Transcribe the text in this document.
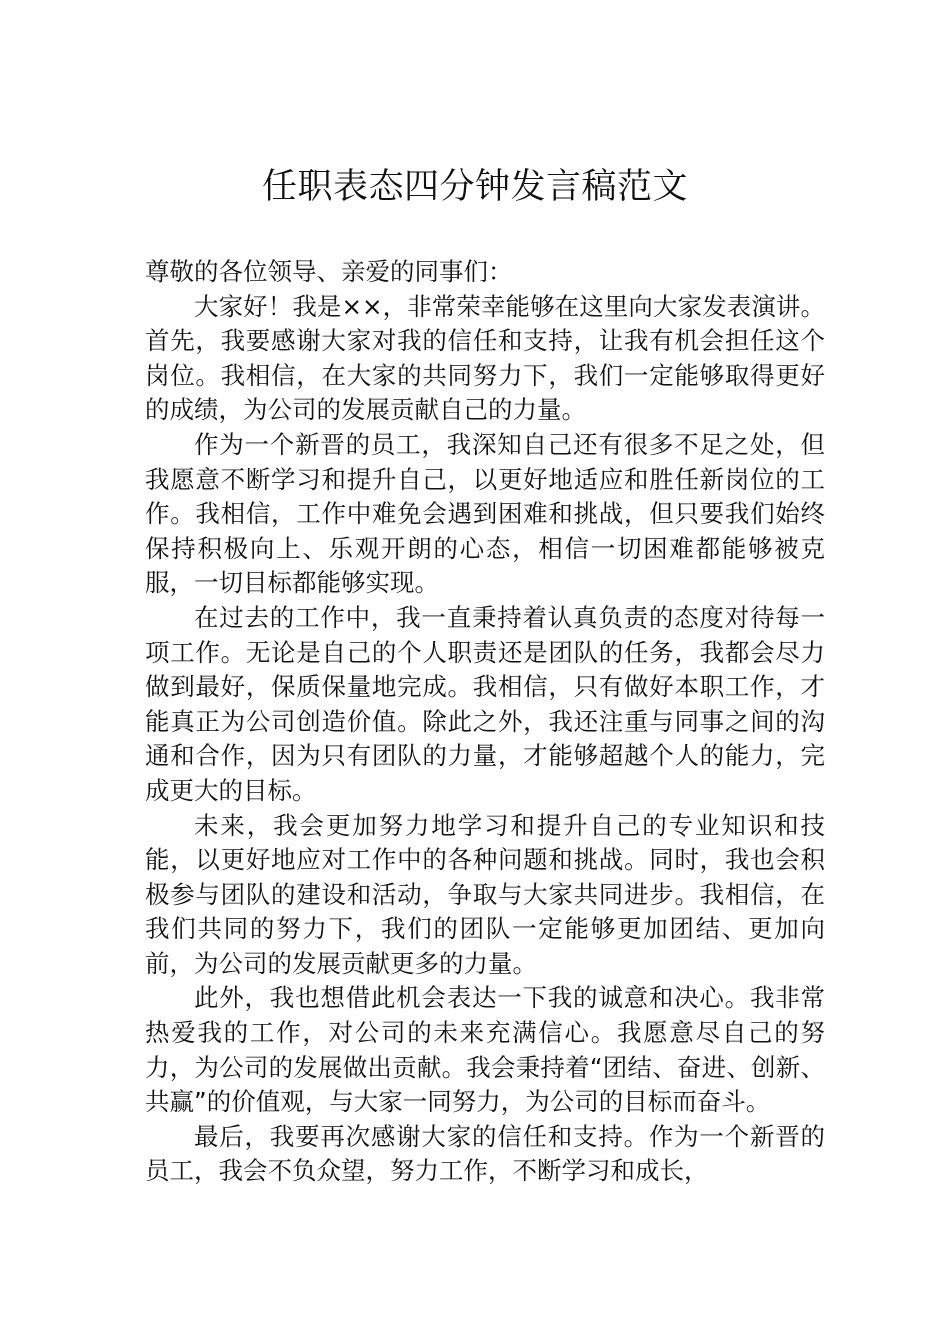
任职表态四分钟发言稿范文

尊敬的各位领导、亲爱的同事们：

大家好！我是××，非常荣幸能够在这里向大家发表演讲。首先，我要感谢大家对我的信任和支持，让我有机会担任这个岗位。我相信，在大家的共同努力下，我们一定能够取得更好的成绩，为公司的发展贡献自己的力量。

作为一个新晋的员工，我深知自己还有很多不足之处，但我愿意不断学习和提升自己，以更好地适应和胜任新岗位的工作。我相信，工作中难免会遇到困难和挑战，但只要我们始终保持积极向上、乐观开朗的心态，相信一切困难都能够被克服，一切目标都能够实现。

在过去的工作中，我一直秉持着认真负责的态度对待每一项工作。无论是自己的个人职责还是团队的任务，我都会尽力做到最好，保质保量地完成。我相信，只有做好本职工作，才能真正为公司创造价值。除此之外，我还注重与同事之间的沟通和合作，因为只有团队的力量，才能够超越个人的能力，完成更大的目标。

未来，我会更加努力地学习和提升自己的专业知识和技能，以更好地应对工作中的各种问题和挑战。同时，我也会积极参与团队的建设和活动，争取与大家共同进步。我相信，在我们共同的努力下，我们的团队一定能够更加团结、更加向前，为公司的发展贡献更多的力量。

此外，我也想借此机会表达一下我的诚意和决心。我非常热爱我的工作，对公司的未来充满信心。我愿意尽自己的努力，为公司的发展做出贡献。我会秉持着“团结、奋进、创新、共赢”的价值观，与大家一同努力，为公司的目标而奋斗。

最后，我要再次感谢大家的信任和支持。作为一个新晋的员工，我会不负众望，努力工作，不断学习和成长，
